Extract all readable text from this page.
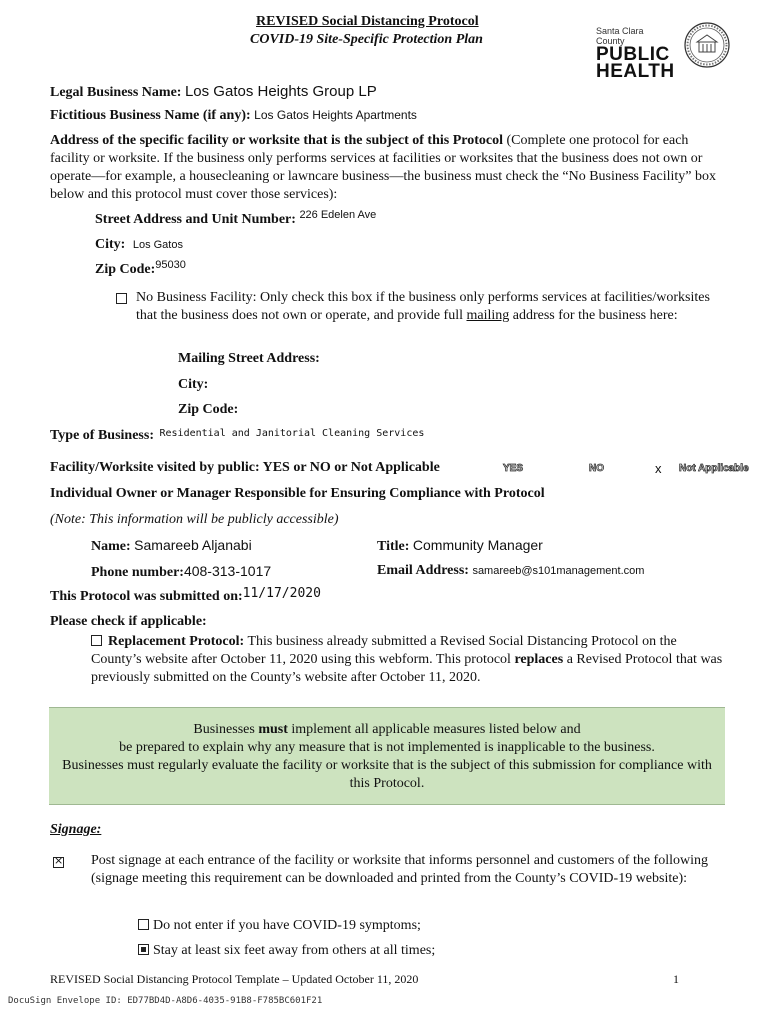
REVISED Social Distancing Protocol
COVID-19 Site-Specific Protection Plan
Santa Clara County
PUBLIC
HEALTH
Legal Business Name: Los Gatos Heights Group LP
Fictitious Business Name (if any): Los Gatos Heights Apartments
Address of the specific facility or worksite that is the subject of this Protocol (Complete one protocol for each facility or worksite. If the business only performs services at facilities or worksites that the business does not own or operate—for example, a housecleaning or lawncare business—the business must check the “No Business Facility” box below and this protocol must cover those services):
Street Address and Unit Number: $^{226 Edelen Ave}$
City: Los Gatos
Zip Code:$^{95030}$
No Business Facility: Only check this box if the business only performs services at facilities/worksites that the business does not own or operate, and provide full mailing address for the business here:
Mailing Street Address:
City:
Zip Code:
Type of Business: $^{Residential and Janitorial Cleaning Services}$
Facility/Worksite visited by public: YES or NO or Not Applicable	YES	NO	x Not Applicable
Individual Owner or Manager Responsible for Ensuring Compliance with Protocol
(Note: This information will be publicly accessible)
Name: Samareeb Aljanabi	Title: Community Manager
Phone number:408-313-1017	Email Address: samareeb@s101management.com
This Protocol was submitted on:11/17/2020
Please check if applicable:
Replacement Protocol: This business already submitted a Revised Social Distancing Protocol on the County’s website after October 11, 2020 using this webform. This protocol replaces a Revised Protocol that was previously submitted on the County’s website after October 11, 2020.
Businesses must implement all applicable measures listed below and
be prepared to explain why any measure that is not implemented is inapplicable to the business.
Businesses must regularly evaluate the facility or worksite that is the subject of this submission for compliance with this Protocol.
Signage:
×
Post signage at each entrance of the facility or worksite that informs personnel and customers of the following (signage meeting this requirement can be downloaded and printed from the County’s COVID-19 website):
Do not enter if you have COVID-19 symptoms;
Stay at least six feet away from others at all times;
REVISED Social Distancing Protocol Template – Updated October 11, 2020	1
DocuSign Envelope ID: ED77BD4D-A8D6-4035-91B8-F785BC601F21
